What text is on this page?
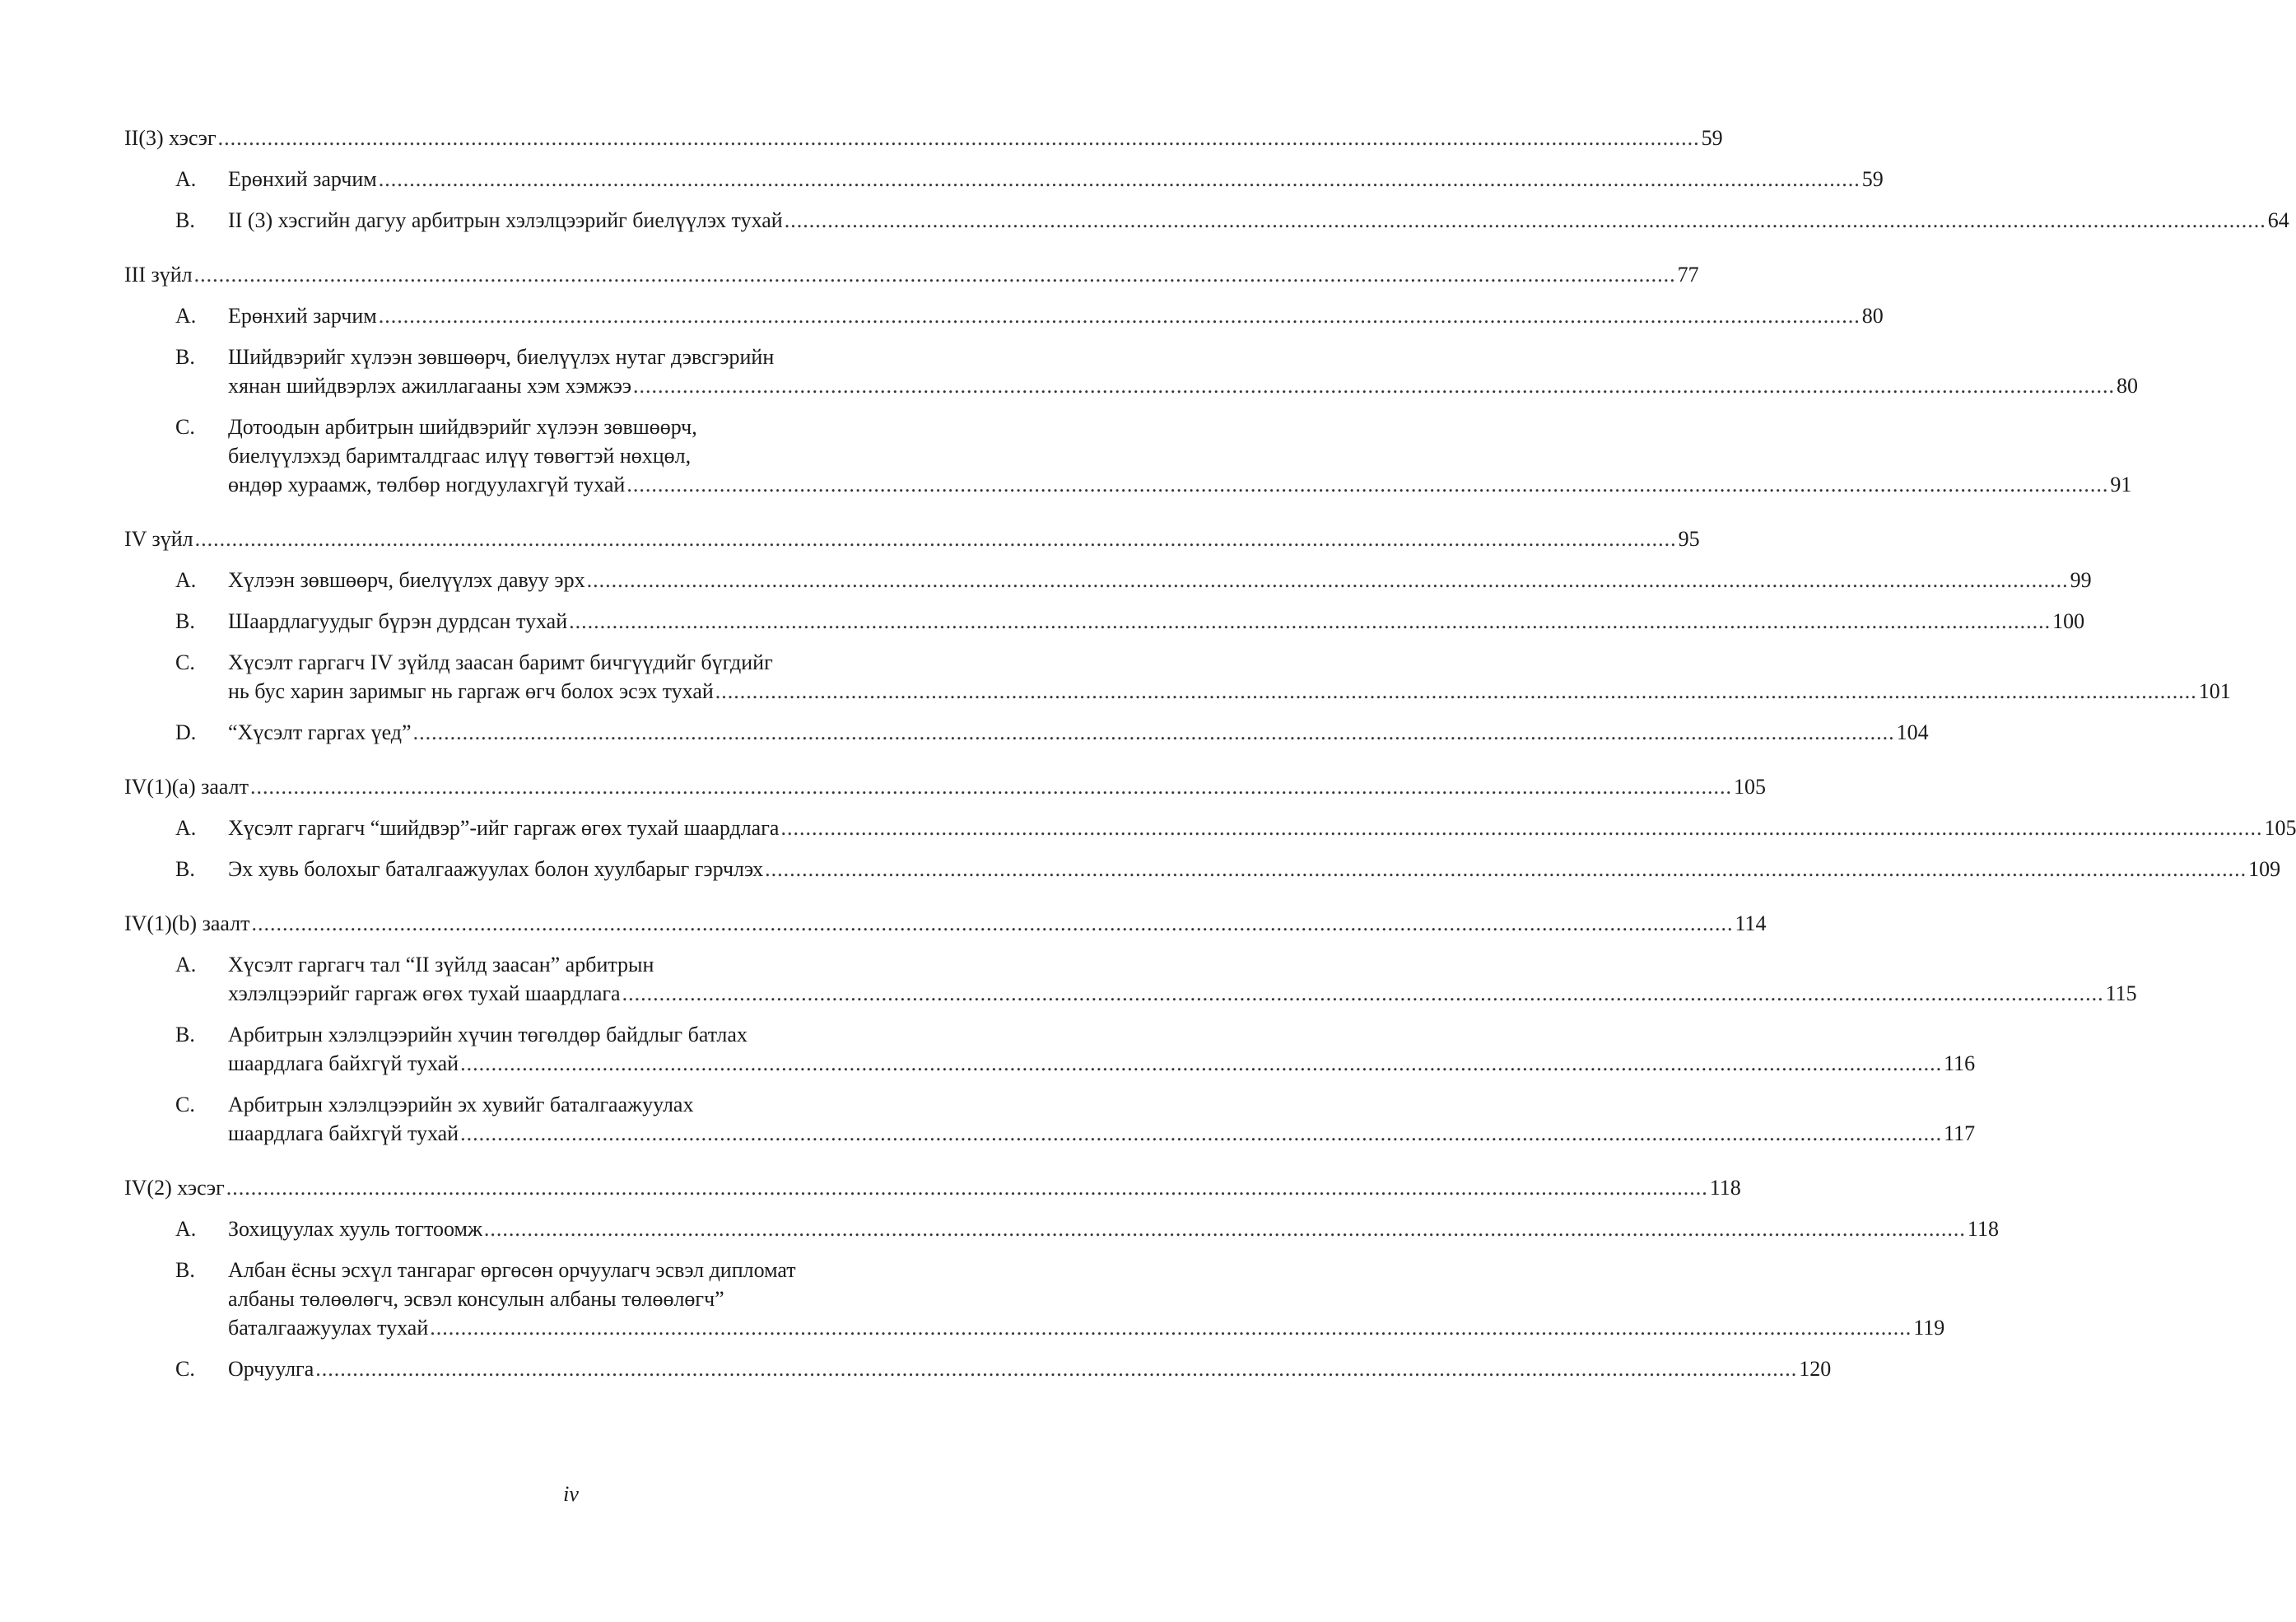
II(3) хэсэг .....	59
A.	Ерөнхий зарчим .....	59
B.	II (3) хэсгийн дагуу арбитрын хэлэлцээрийг биелүүлэх тухай .....	64
III зүйл .....	77
A.	Ерөнхий зарчим .....	80
B.	Шийдвэрийг хүлээн зөвшөөрч, биелүүлэх нутаг дэвсгэрийн
хянан шийдвэрлэх ажиллагааны хэм хэмжээ .....	80
C.	Дотоодын арбитрын шийдвэрийг хүлээн зөвшөөрч,
биелүүлэхэд баримталдгаас илүү төвөгтэй нөхцөл,
өндөр хураамж, төлбөр ногдуулахгүй тухай .....	91
IV зүйл .....	95
A.	Хүлээн зөвшөөрч, биелүүлэх давуу эрх .....	99
B.	Шаардлагуудыг бүрэн дурдсан тухай .....	100
C.	Хүсэлт гаргагч IV зүйлд заасан баримт бичгүүдийг бүгдийг
нь бус харин заримыг нь гаргаж өгч болох эсэх тухай .....	101
D.	“Хүсэлт гаргах үед” .....	104
IV(1)(a) заалт .....	105
A.	Хүсэлт гаргагч “шийдвэр”-ийг гаргаж өгөх тухай шаардлага .....	105
B.	Эх хувь болохыг баталгаажуулах болон хуулбарыг гэрчлэх .....	109
IV(1)(b) заалт .....	114
A.	Хүсэлт гаргагч тал “II зүйлд заасан” арбитрын
хэлэлцээрийг гаргаж өгөх тухай шаардлага .....	115
B.	Арбитрын хэлэлцээрийн хүчин төгөлдөр байдлыг батлах
шаардлага байхгүй тухай .....	116
C.	Арбитрын хэлэлцээрийн эх хувийг баталгаажуулах
шаардлага байхгүй тухай .....	117
IV(2) хэсэг .....	118
A.	Зохицуулах хууль тогтоомж .....	118
B.	Албан ёсны эсхүл тангараг өргөсөн орчуулагч эсвэл дипломат
албаны төлөөлөгч, эсвэл консулын албаны төлөөлөгч”
баталгаажуулах тухай .....	119
C.	Орчуулга .....	120
iv
